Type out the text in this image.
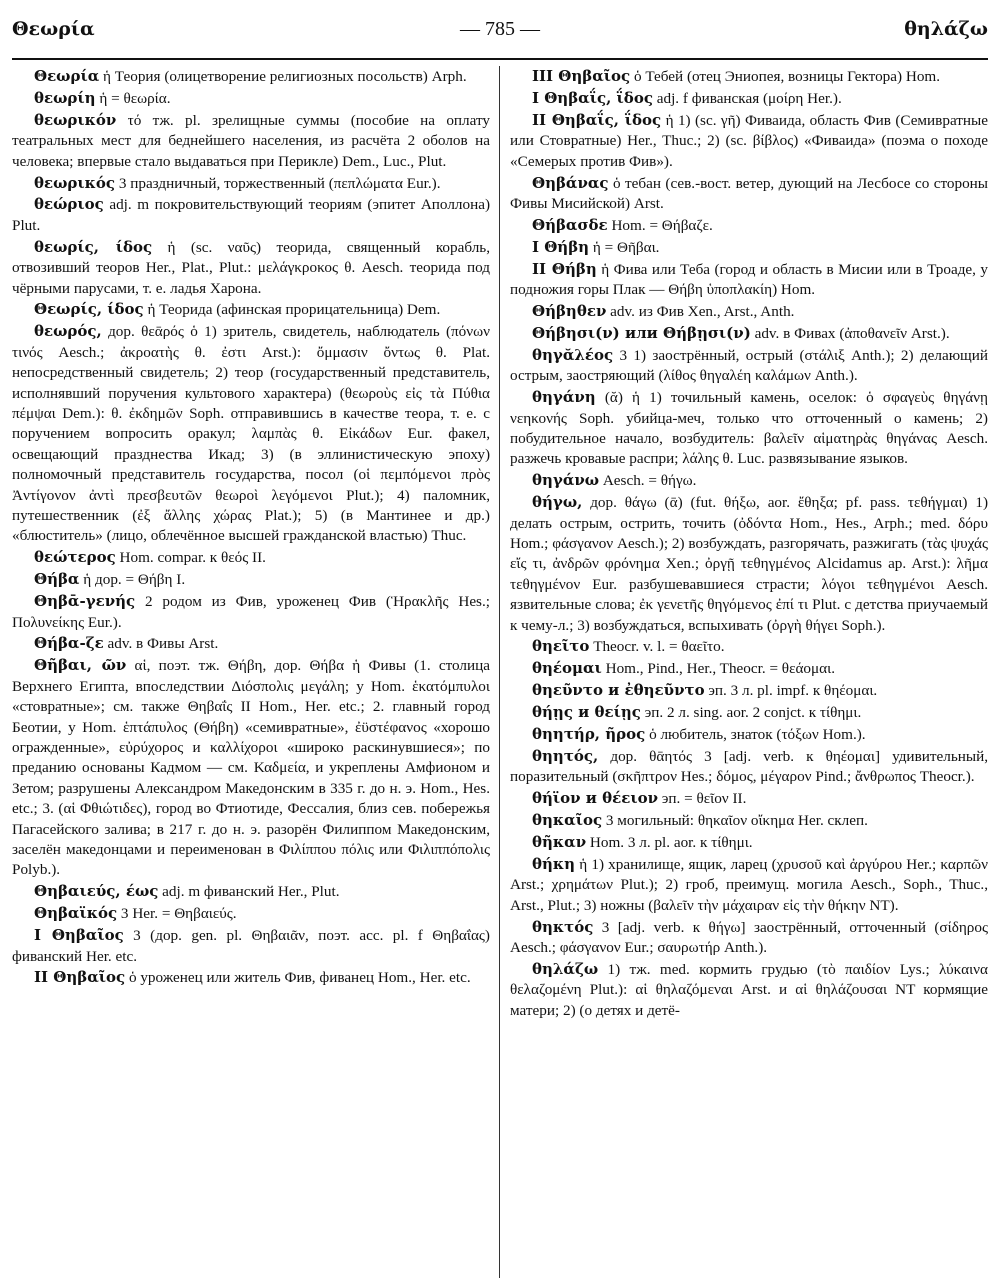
Θεωρία	— 785 —	θηλάζω

Θεωρία ἡ Теория (олицетворение религиозных посольств) Arph.

θεωρίη ἡ = θεωρία.

θεωρικόν τό тж. pl. зрелищные суммы (пособие на оплату театральных мест для беднейшего населения, из расчёта 2 оболов на человека; впервые стало выдаваться при Перикле) Dem., Luc., Plut.

θεωρικός 3 праздничный, торжественный (πεπλώματα Eur.).

θεώριος adj. m покровительствующий теориям (эпитет Аполлона) Plut.

θεωρίς, ίδος ἡ (sc. ναῦς) теорида, священный корабль, отвозивший теоров Her., Plat., Plut.: μελάγκροκος θ. Aesch. теорида под чёрными парусами, т. е. ладья Харона.

Θεωρίς, ίδος ἡ Теорида (афинская прорицательница) Dem.

θεωρός, дор. θεᾱρός ὁ 1) зритель, свидетель, наблюдатель (πόνων τινός Aesch.; ἀκροατὴς θ. ἐστι Arst.): ὄμμασιν ὄντως θ. Plat. непосредственный свидетель; 2) теор (государственный представитель, исполнявший поручения культового характера) (θεωροὺς εἰς τὰ Πύθια πέμψαι Dem.): θ. ἐκδημῶν Soph. отправившись в качестве теора, т. е. с поручением вопросить оракул; λαμπὰς θ. Εἰκάδων Eur. факел, освещающий празднества Икад; 3) (в эллинистическую эпоху) полномочный представитель государства, посол (οἱ πεμπόμενοι πρὸς Ἀντίγονον ἀντὶ πρεσβευτῶν θεωροὶ λεγόμενοι Plut.); 4) паломник, путешественник (ἐξ ἄλλης χώρας Plat.); 5) (в Мантинее и др.) «блюститель» (лицо, облечённое высшей гражданской властью) Thuc.

θεώτερος Hom. compar. к θεός II.

Θήβα ἡ дор. = Θήβη I.

Θηβᾱ-γενής 2 родом из Фив, уроженец Фив (Ἡρακλῆς Hes.; Πολυνείκης Eur.).

Θήβα-ζε adv. в Фивы Arst.

Θῆβαι, ῶν αἱ, поэт. тж. Θήβη, дор. Θήβα ἡ Фивы (1. столица Верхнего Египта, впоследствии Διόσπολις μεγάλη; у Hom. ἑκατόμπυλοι «стовратные»; см. также Θηβαΐς II Hom., Her. etc.; 2. главный город Беотии, у Hom. ἑπτάπυλος (Θήβη) «семивратные», ἐϋστέφανος «хорошо огражденные», εὐρύχορος и καλλίχοροι «широко раскинувшиеся»; по преданию основаны Кадмом — см. Καδμεία, и укреплены Амфионом и Зетом; разрушены Александром Македонским в 335 г. до н. э. Hom., Hes. etc.; 3. (αἱ Φθιώτιδες), город во Фтиотиде, Фессалия, близ сев. побережья Пагасейского залива; в 217 г. до н. э. разорён Филиппом Македонским, заселён македонцами и переименован в Φιλίππου πόλις или Φιλιππόπολις Polyb.).

Θηβαιεύς, έως adj. m фиванский Her., Plut.

Θηβαϊκός 3 Her. = Θηβαιεύς.

I Θηβαῖος 3 (дор. gen. pl. Θηβαιᾶν, поэт. acc. pl. f Θηβαΐας) фиванский Her. etc.

II Θηβαῖος ὁ уроженец или житель Фив, фиванец Hom., Her. etc.

III Θηβαῖος ὁ Тебей (отец Эниопея, возницы Гектора) Hom.

I Θηβαΐς, ΐδος adj. f фиванская (μοίρη Her.).

II Θηβαΐς, ΐδος ἡ 1) (sc. γῆ) Фиваида, область Фив (Семивратные или Стовратные) Her., Thuc.; 2) (sc. βίβλος) «Фиваида» (поэма о походе «Семерых против Фив»).

Θηβάνας ὁ тебан (сев.-вост. ветер, дующий на Лесбосе со стороны Фивы Мисийской) Arst.

Θήβασδε Hom. = Θήβαζε.

I Θήβη ἡ = Θῆβαι.

II Θήβη ἡ Фива или Теба (город и область в Мисии или в Троаде, у подножия горы Плак — Θήβη ὑποπλακίη) Hom.

Θήβηθεν adv. из Фив Xen., Arst., Anth.

Θήβησι(ν) или Θήβῃσι(ν) adv. в Фивах (ἀποθανεῖν Arst.).

θηγᾰλέος 3 1) заострённый, острый (στάλιξ Anth.); 2) делающий острым, заостряющий (λίθος θηγαλέη καλάμων Anth.).

θηγάνη (ᾰ) ἡ 1) точильный камень, оселок: ὁ σφαγεὺς θηγάνῃ νεηκονής Soph. убийца-меч, только что отточенный о камень; 2) побудительное начало, возбудитель: βαλεῖν αἱματηρὰς θηγάνας Aesch. разжечь кровавые распри; λάλης θ. Luc. развязывание языков.

θηγάνω Aesch. = θήγω.

θήγω, дор. θάγω (ᾱ) (fut. θήξω, aor. ἔθηξα; pf. pass. τεθήγμαι) 1) делать острым, острить, точить (ὀδόντα Hom., Hes., Arph.; med. δόρυ Hom.; φάσγανον Aesch.); 2) возбуждать, разгорячать, разжигать (τὰς ψυχάς εἴς τι, ἀνδρῶν φρόνημα Xen.; ὀργῇ τεθηγμένος Alcidamus ap. Arst.): λῆμα τεθηγμένον Eur. разбушевавшиеся страсти; λόγοι τεθηγμένοι Aesch. язвительные слова; ἐκ γενετῆς θηγόμενος ἐπί τι Plut. с детства приучаемый к чему-л.; 3) возбуждаться, вспыхивать (ὀργὴ θήγει Soph.).

θηεῖτο Theocr. v. l. = θαεῖτο.

θηέομαι Hom., Pind., Her., Theocr. = θεάομαι.

θηεῦντο и ἐθηεῦντο эп. 3 л. pl. impf. к θηέομαι.

θήῃς и θείῃς эп. 2 л. sing. aor. 2 conjct. к τίθημι.

θηητήρ, ῆρος ὁ любитель, знаток (τόξων Hom.).

θηητός, дор. θᾱητός 3 [adj. verb. к θηέομαι] удивительный, поразительный (σκῆπτρον Hes.; δόμος, μέγαρον Pind.; ἄνθρωπος Theocr.).

θήϊον и θέειον эп. = θεῖον II.

θηκαῖος 3 могильный: θηκαῖον οἴκημα Her. склеп.

θῆκαν Hom. 3 л. pl. aor. к τίθημι.

θήκη ἡ 1) хранилище, ящик, ларец (χρυσοῦ καὶ ἀργύρου Her.; καρπῶν Arst.; χρημάτων Plut.); 2) гроб, преимущ. могила Aesch., Soph., Thuc., Arst., Plut.; 3) ножны (βαλεῖν τὴν μάχαιραν εἰς τὴν θήκην NT).

θηκτός 3 [adj. verb. к θήγω] заострённый, отточенный (σίδηρος Aesch.; φάσγανον Eur.; σαυρωτήρ Anth.).

θηλάζω 1) тж. med. кормить грудью (τὸ παιδίον Lys.; λύκαινα θελαζομένη Plut.): αἱ θηλαζόμεναι Arst. и αἱ θηλάζουσαι NT кормящие матери; 2) (о детях и детё-
